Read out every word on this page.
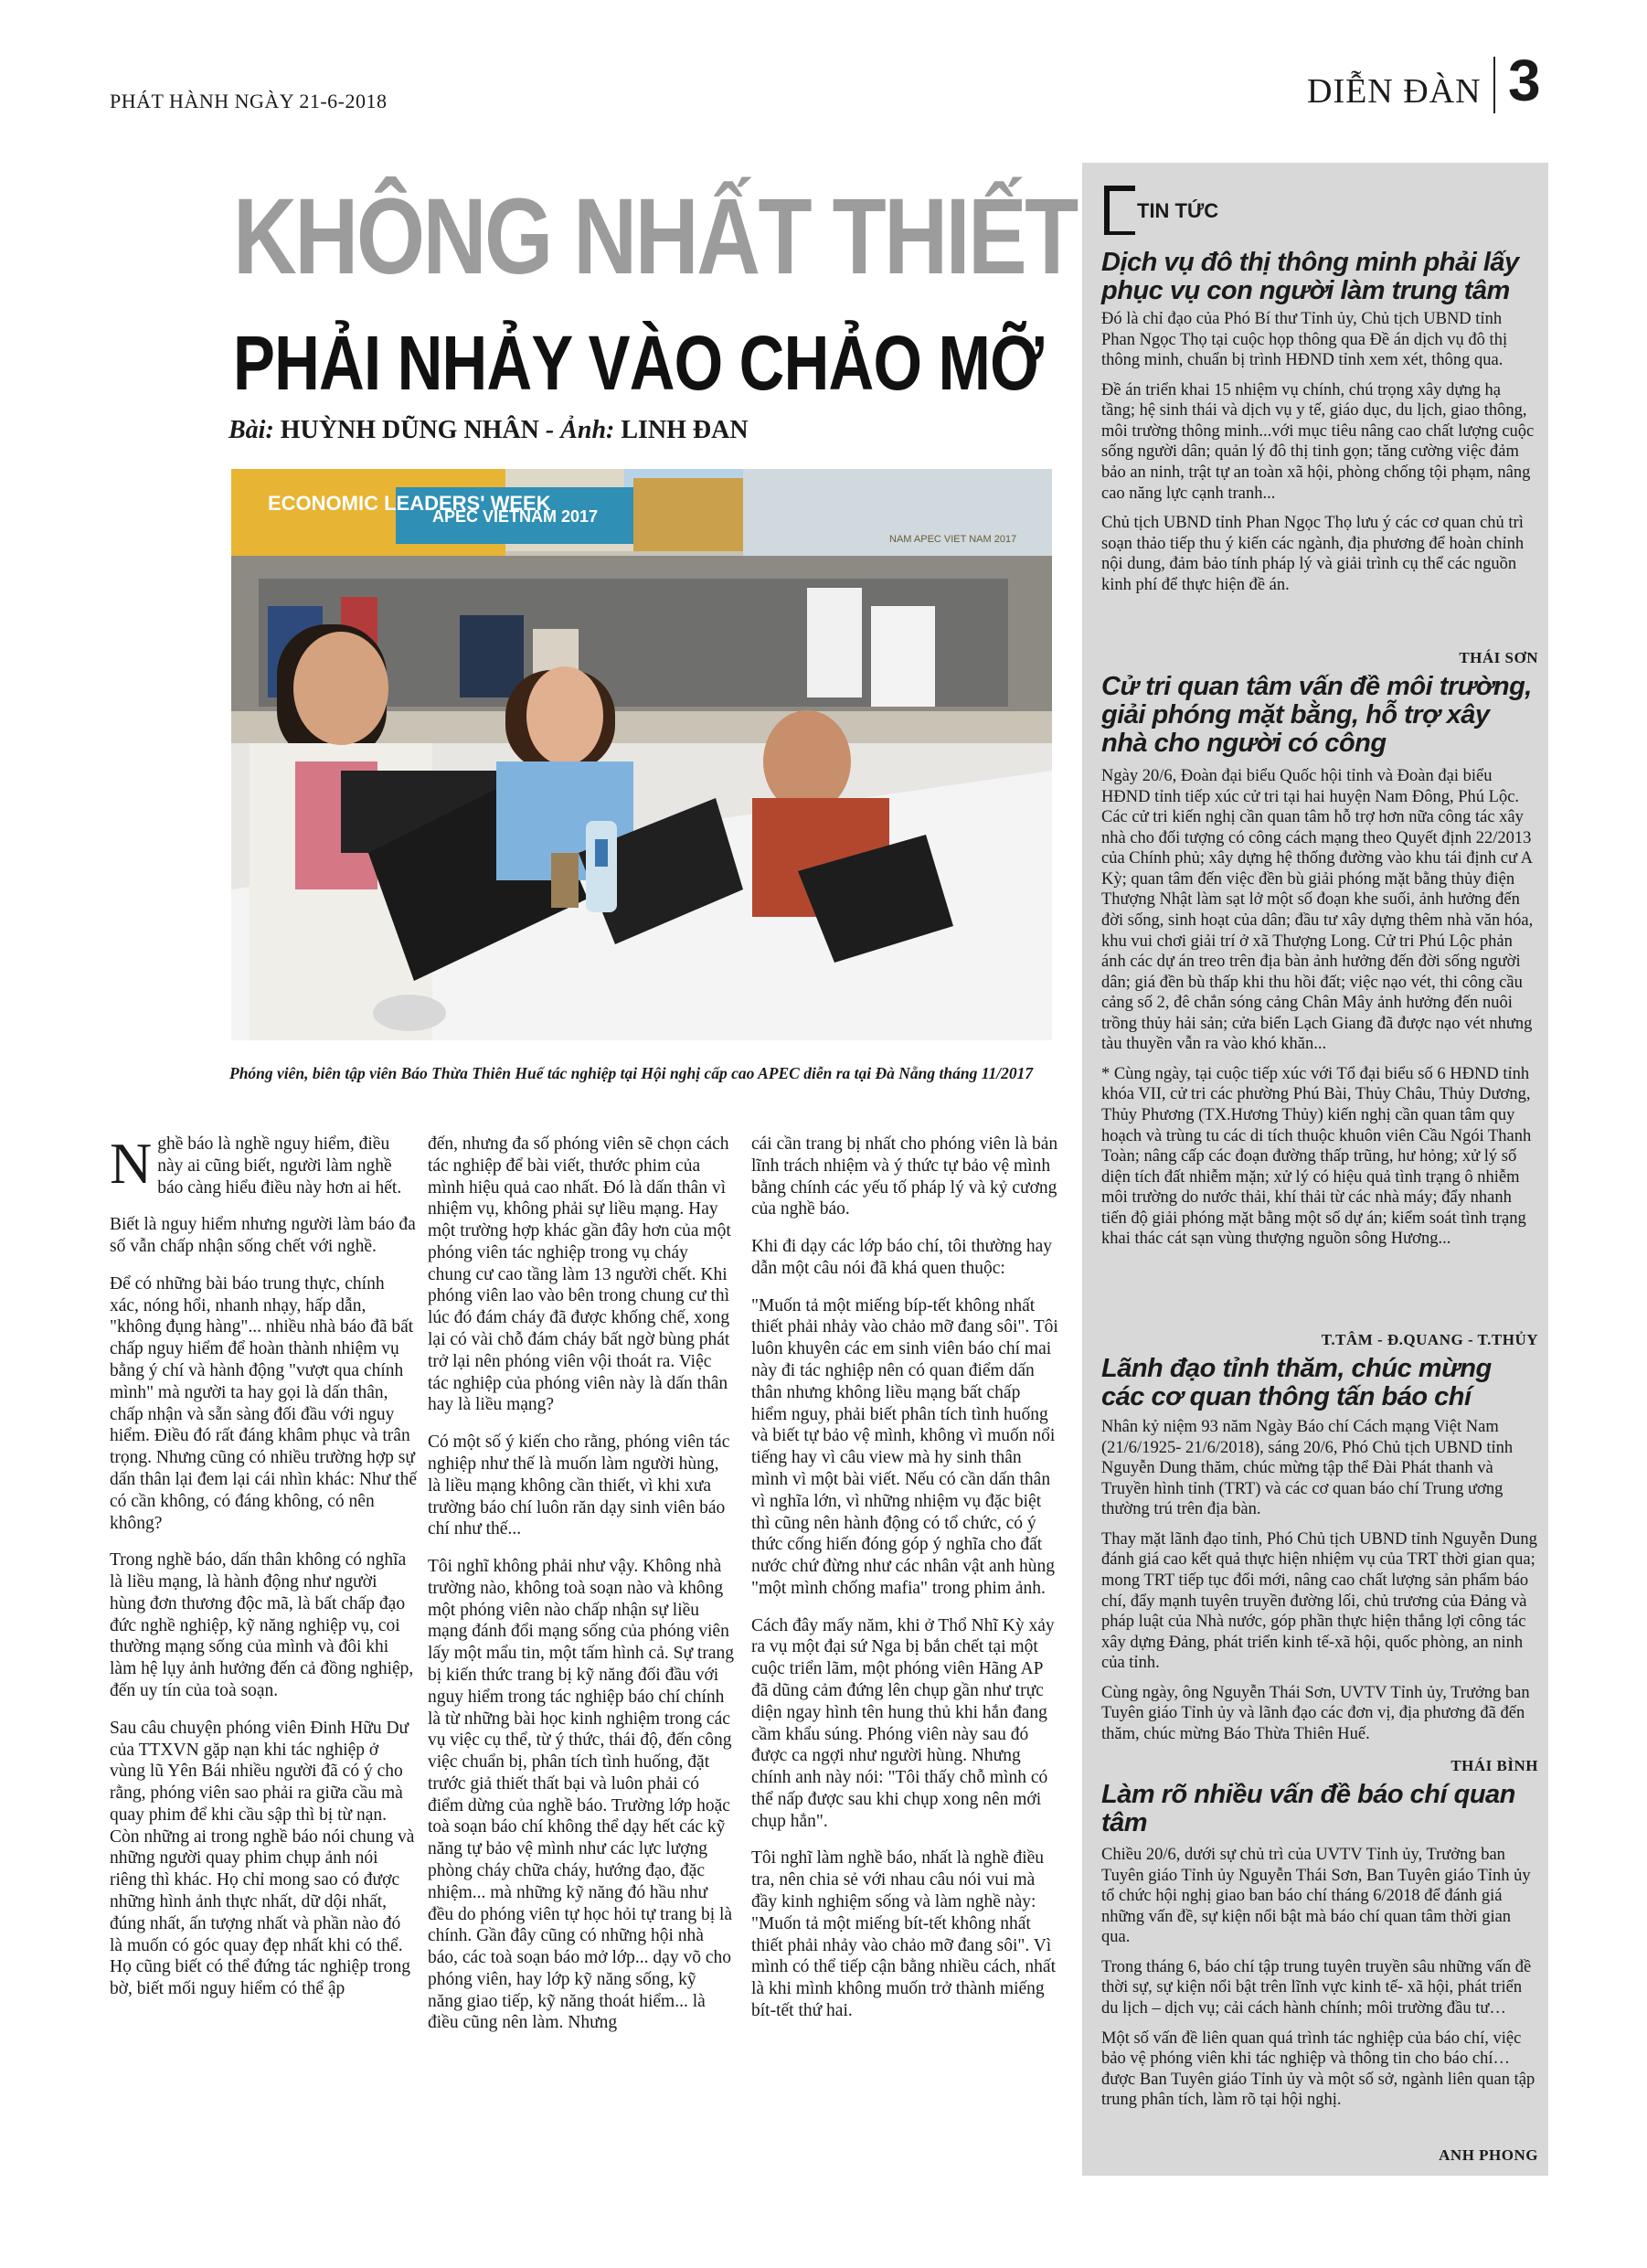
PHÁT HÀNH NGÀY 21-6-2018	DIỄN ĐÀN 3
KHÔNG NHẤT THIẾT
PHẢI NHẢY VÀO CHẢO MỠ
Bài: HUỲNH DŨNG NHÂN - Ảnh: LINH ĐAN
ECONOMIC LEADERS' WEEK
APEC VIETNAM 2017
NAM APEC VIET NAM 2017
Phóng viên, biên tập viên Báo Thừa Thiên Huế tác nghiệp tại Hội nghị cấp cao APEC diễn ra tại Đà Nẵng tháng 11/2017

Nghề báo là nghề nguy hiểm, điều này ai cũng biết, người làm nghề báo càng hiểu điều này hơn ai hết.

Biết là nguy hiểm nhưng người làm báo đa số vẫn chấp nhận sống chết với nghề.

Để có những bài báo trung thực, chính xác, nóng hổi, nhanh nhạy, hấp dẫn, "không đụng hàng"... nhiều nhà báo đã bất chấp nguy hiểm để hoàn thành nhiệm vụ bằng ý chí và hành động "vượt qua chính mình" mà người ta hay gọi là dấn thân, chấp nhận và sẵn sàng đối đầu với nguy hiểm. Điều đó rất đáng khâm phục và trân trọng. Nhưng cũng có nhiều trường hợp sự dấn thân lại đem lại cái nhìn khác: Như thế có cần không, có đáng không, có nên không?

Trong nghề báo, dấn thân không có nghĩa là liều mạng, là hành động như người hùng đơn thương độc mã, là bất chấp đạo đức nghề nghiệp, kỹ năng nghiệp vụ, coi thường mạng sống của mình và đôi khi làm hệ lụy ảnh hưởng đến cả đồng nghiệp, đến uy tín của toà soạn.

Sau câu chuyện phóng viên Đinh Hữu Dư của TTXVN gặp nạn khi tác nghiệp ở vùng lũ Yên Bái nhiều người đã có ý cho rằng, phóng viên sao phải ra giữa cầu mà quay phim để khi cầu sập thì bị từ nạn. Còn những ai trong nghề báo nói chung và những người quay phim chụp ảnh nói riêng thì khác. Họ chỉ mong sao có được những hình ảnh thực nhất, dữ dội nhất, đúng nhất, ấn tượng nhất và phần nào đó là muốn có góc quay đẹp nhất khi có thể. Họ cũng biết có thể đứng tác nghiệp trong bờ, biết mối nguy hiểm có thể ập

đến, nhưng đa số phóng viên sẽ chọn cách tác nghiệp để bài viết, thước phim của mình hiệu quả cao nhất. Đó là dấn thân vì nhiệm vụ, không phải sự liều mạng. Hay một trường hợp khác gần đây hơn của một phóng viên tác nghiệp trong vụ cháy chung cư cao tầng làm 13 người chết. Khi phóng viên lao vào bên trong chung cư thì lúc đó đám cháy đã được khống chế, xong lại có vài chỗ đám cháy bất ngờ bùng phát trở lại nên phóng viên vội thoát ra. Việc tác nghiệp của phóng viên này là dấn thân hay là liều mạng?

Có một số ý kiến cho rằng, phóng viên tác nghiệp như thế là muốn làm người hùng, là liều mạng không cần thiết, vì khi xưa trường báo chí luôn răn dạy sinh viên báo chí như thế...

Tôi nghĩ không phải như vậy. Không nhà trường nào, không toà soạn nào và không một phóng viên nào chấp nhận sự liều mạng đánh đổi mạng sống của phóng viên lấy một mẩu tin, một tấm hình cả. Sự trang bị kiến thức trang bị kỹ năng đối đầu với nguy hiểm trong tác nghiệp báo chí chính là từ những bài học kinh nghiệm trong các vụ việc cụ thể, từ ý thức, thái độ, đến công việc chuẩn bị, phân tích tình huống, đặt trước giả thiết thất bại và luôn phải có điểm dừng của nghề báo. Trường lớp hoặc toà soạn báo chí không thể dạy hết các kỹ năng tự bảo vệ mình như các lực lượng phòng cháy chữa cháy, hướng đạo, đặc nhiệm... mà những kỹ năng đó hầu như đều do phóng viên tự học hỏi tự trang bị là chính. Gần đây cũng có những hội nhà báo, các toà soạn báo mở lớp... dạy võ cho phóng viên, hay lớp kỹ năng sống, kỹ năng giao tiếp, kỹ năng thoát hiểm... là điều cũng nên làm. Nhưng

cái cần trang bị nhất cho phóng viên là bản lĩnh trách nhiệm và ý thức tự bảo vệ mình bằng chính các yếu tố pháp lý và kỷ cương của nghề báo.

Khi đi dạy các lớp báo chí, tôi thường hay dẫn một câu nói đã khá quen thuộc:

"Muốn tả một miếng bíp-tết không nhất thiết phải nhảy vào chảo mỡ đang sôi". Tôi luôn khuyên các em sinh viên báo chí mai này đi tác nghiệp nên có quan điểm dấn thân nhưng không liều mạng bất chấp hiểm nguy, phải biết phân tích tình huống và biết tự bảo vệ mình, không vì muốn nổi tiếng hay vì câu view mà hy sinh thân mình vì một bài viết. Nếu có cần dấn thân vì nghĩa lớn, vì những nhiệm vụ đặc biệt thì cũng nên hành động có tổ chức, có ý thức cống hiến đóng góp ý nghĩa cho đất nước chứ đừng như các nhân vật anh hùng "một mình chống mafia" trong phim ảnh.

Cách đây mấy năm, khi ở Thổ Nhĩ Kỳ xảy ra vụ một đại sứ Nga bị bắn chết tại một cuộc triển lãm, một phóng viên Hãng AP đã dũng cảm đứng lên chụp gần như trực diện ngay hình tên hung thủ khi hắn đang cầm khẩu súng. Phóng viên này sau đó được ca ngợi như người hùng. Nhưng chính anh này nói: "Tôi thấy chỗ mình có thể nấp được sau khi chụp xong nên mới chụp hẳn".

Tôi nghĩ làm nghề báo, nhất là nghề điều tra, nên chia sẻ với nhau câu nói vui mà đầy kinh nghiệm sống và làm nghề này: "Muốn tả một miếng bít-tết không nhất thiết phải nhảy vào chảo mỡ đang sôi". Vì mình có thể tiếp cận bằng nhiều cách, nhất là khi mình không muốn trở thành miếng bít-tết thứ hai.

TIN TỨC
Dịch vụ đô thị thông minh phải lấy phục vụ con người làm trung tâm

Đó là chỉ đạo của Phó Bí thư Tỉnh ủy, Chủ tịch UBND tỉnh Phan Ngọc Thọ tại cuộc họp thông qua Đề án dịch vụ đô thị thông minh, chuẩn bị trình HĐND tỉnh xem xét, thông qua.

Đề án triển khai 15 nhiệm vụ chính, chú trọng xây dựng hạ tầng; hệ sinh thái và dịch vụ y tế, giáo dục, du lịch, giao thông, môi trường thông minh...với mục tiêu nâng cao chất lượng cuộc sống người dân; quản lý đô thị tinh gọn; tăng cường việc đảm bảo an ninh, trật tự an toàn xã hội, phòng chống tội phạm, nâng cao năng lực cạnh tranh...

Chủ tịch UBND tỉnh Phan Ngọc Thọ lưu ý các cơ quan chủ trì soạn thảo tiếp thu ý kiến các ngành, địa phương để hoàn chỉnh nội dung, đảm bảo tính pháp lý và giải trình cụ thể các nguồn kinh phí để thực hiện đề án.

THÁI SƠN
Cử tri quan tâm vấn đề môi trường, giải phóng mặt bằng, hỗ trợ xây nhà cho người có công

Ngày 20/6, Đoàn đại biểu Quốc hội tỉnh và Đoàn đại biểu HĐND tỉnh tiếp xúc cử tri tại hai huyện Nam Đông, Phú Lộc. Các cử tri kiến nghị cần quan tâm hỗ trợ hơn nữa công tác xây nhà cho đối tượng có công cách mạng theo Quyết định 22/2013 của Chính phủ; xây dựng hệ thống đường vào khu tái định cư A Kỳ; quan tâm đến việc đền bù giải phóng mặt bằng thủy điện Thượng Nhật làm sạt lở một số đoạn khe suối, ảnh hưởng đến đời sống, sinh hoạt của dân; đầu tư xây dựng thêm nhà văn hóa, khu vui chơi giải trí ở xã Thượng Long. Cử tri Phú Lộc phản ánh các dự án treo trên địa bàn ảnh hưởng đến đời sống người dân; giá đền bù thấp khi thu hồi đất; việc nạo vét, thi công cầu cảng số 2, đê chắn sóng cảng Chân Mây ảnh hưởng đến nuôi trồng thủy hải sản; cửa biển Lạch Giang đã được nạo vét nhưng tàu thuyền vẫn ra vào khó khăn...

* Cùng ngày, tại cuộc tiếp xúc với Tổ đại biểu số 6 HĐND tỉnh khóa VII, cử tri các phường Phú Bài, Thủy Châu, Thủy Dương, Thủy Phương (TX.Hương Thủy) kiến nghị cần quan tâm quy hoạch và trùng tu các di tích thuộc khuôn viên Cầu Ngói Thanh Toàn; nâng cấp các đoạn đường thấp trũng, hư hỏng; xử lý số diện tích đất nhiễm mặn; xử lý có hiệu quả tình trạng ô nhiễm môi trường do nước thải, khí thải từ các nhà máy; đẩy nhanh tiến độ giải phóng mặt bằng một số dự án; kiểm soát tình trạng khai thác cát sạn vùng thượng nguồn sông Hương...

T.TÂM - Đ.QUANG - T.THỦY
Lãnh đạo tỉnh thăm, chúc mừng các cơ quan thông tấn báo chí

Nhân kỷ niệm 93 năm Ngày Báo chí Cách mạng Việt Nam (21/6/1925- 21/6/2018), sáng 20/6, Phó Chủ tịch UBND tỉnh Nguyễn Dung thăm, chúc mừng tập thể Đài Phát thanh và Truyền hình tỉnh (TRT) và các cơ quan báo chí Trung ương thường trú trên địa bàn.

Thay mặt lãnh đạo tỉnh, Phó Chủ tịch UBND tỉnh Nguyễn Dung đánh giá cao kết quả thực hiện nhiệm vụ của TRT thời gian qua; mong TRT tiếp tục đổi mới, nâng cao chất lượng sản phẩm báo chí, đẩy mạnh tuyên truyền đường lối, chủ trương của Đảng và pháp luật của Nhà nước, góp phần thực hiện thắng lợi công tác xây dựng Đảng, phát triển kinh tế-xã hội, quốc phòng, an ninh của tỉnh.

Cùng ngày, ông Nguyễn Thái Sơn, UVTV Tỉnh ủy, Trưởng ban Tuyên giáo Tỉnh ủy và lãnh đạo các đơn vị, địa phương đã đến thăm, chúc mừng Báo Thừa Thiên Huế.

THÁI BÌNH
Làm rõ nhiều vấn đề báo chí quan tâm

Chiều 20/6, dưới sự chủ trì của UVTV Tỉnh ủy, Trưởng ban Tuyên giáo Tỉnh ủy Nguyễn Thái Sơn, Ban Tuyên giáo Tỉnh ủy tổ chức hội nghị giao ban báo chí tháng 6/2018 để đánh giá những vấn đề, sự kiện nổi bật mà báo chí quan tâm thời gian qua.

Trong tháng 6, báo chí tập trung tuyên truyền sâu những vấn đề thời sự, sự kiện nổi bật trên lĩnh vực kinh tế- xã hội, phát triển du lịch – dịch vụ; cải cách hành chính; môi trường đầu tư…

Một số vấn đề liên quan quá trình tác nghiệp của báo chí, việc bảo vệ phóng viên khi tác nghiệp và thông tin cho báo chí…được Ban Tuyên giáo Tỉnh ủy và một số sở, ngành liên quan tập trung phân tích, làm rõ tại hội nghị.

ANH PHONG
